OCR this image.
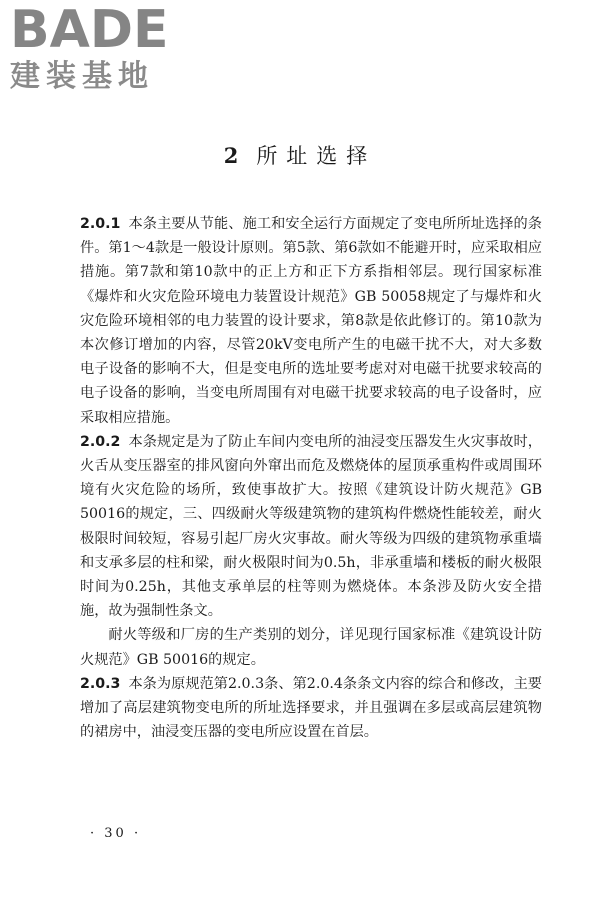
BADE
建装基地
2 所址选择

2.0.1 本条主要从节能、施工和安全运行方面规定了变电所所址选择的条件。第1～4款是一般设计原则。第5款、第6款如不能避开时，应采取相应措施。第7款和第10款中的正上方和正下方系指相邻层。现行国家标准《爆炸和火灾危险环境电力装置设计规范》GB 50058规定了与爆炸和火灾危险环境相邻的电力装置的设计要求，第8款是依此修订的。第10款为本次修订增加的内容，尽管20kV变电所产生的电磁干扰不大，对大多数电子设备的影响不大，但是变电所的选址要考虑对对电磁干扰要求较高的电子设备的影响，当变电所周围有对电磁干扰要求较高的电子设备时，应采取相应措施。

2.0.2 本条规定是为了防止车间内变电所的油浸变压器发生火灾事故时，火舌从变压器室的排风窗向外窜出而危及燃烧体的屋顶承重构件或周围环境有火灾危险的场所，致使事故扩大。按照《建筑设计防火规范》GB 50016的规定，三、四级耐火等级建筑物的建筑构件燃烧性能较差，耐火极限时间较短，容易引起厂房火灾事故。耐火等级为四级的建筑物承重墙和支承多层的柱和梁，耐火极限时间为0.5h，非承重墙和楼板的耐火极限时间为0.25h，其他支承单层的柱等则为燃烧体。本条涉及防火安全措施，故为强制性条文。

耐火等级和厂房的生产类别的划分，详见现行国家标准《建筑设计防火规范》GB 50016的规定。

2.0.3 本条为原规范第2.0.3条、第2.0.4条条文内容的综合和修改，主要增加了高层建筑物变电所的所址选择要求，并且强调在多层或高层建筑物的裙房中，油浸变压器的变电所应设置在首层。

· 30 ·
